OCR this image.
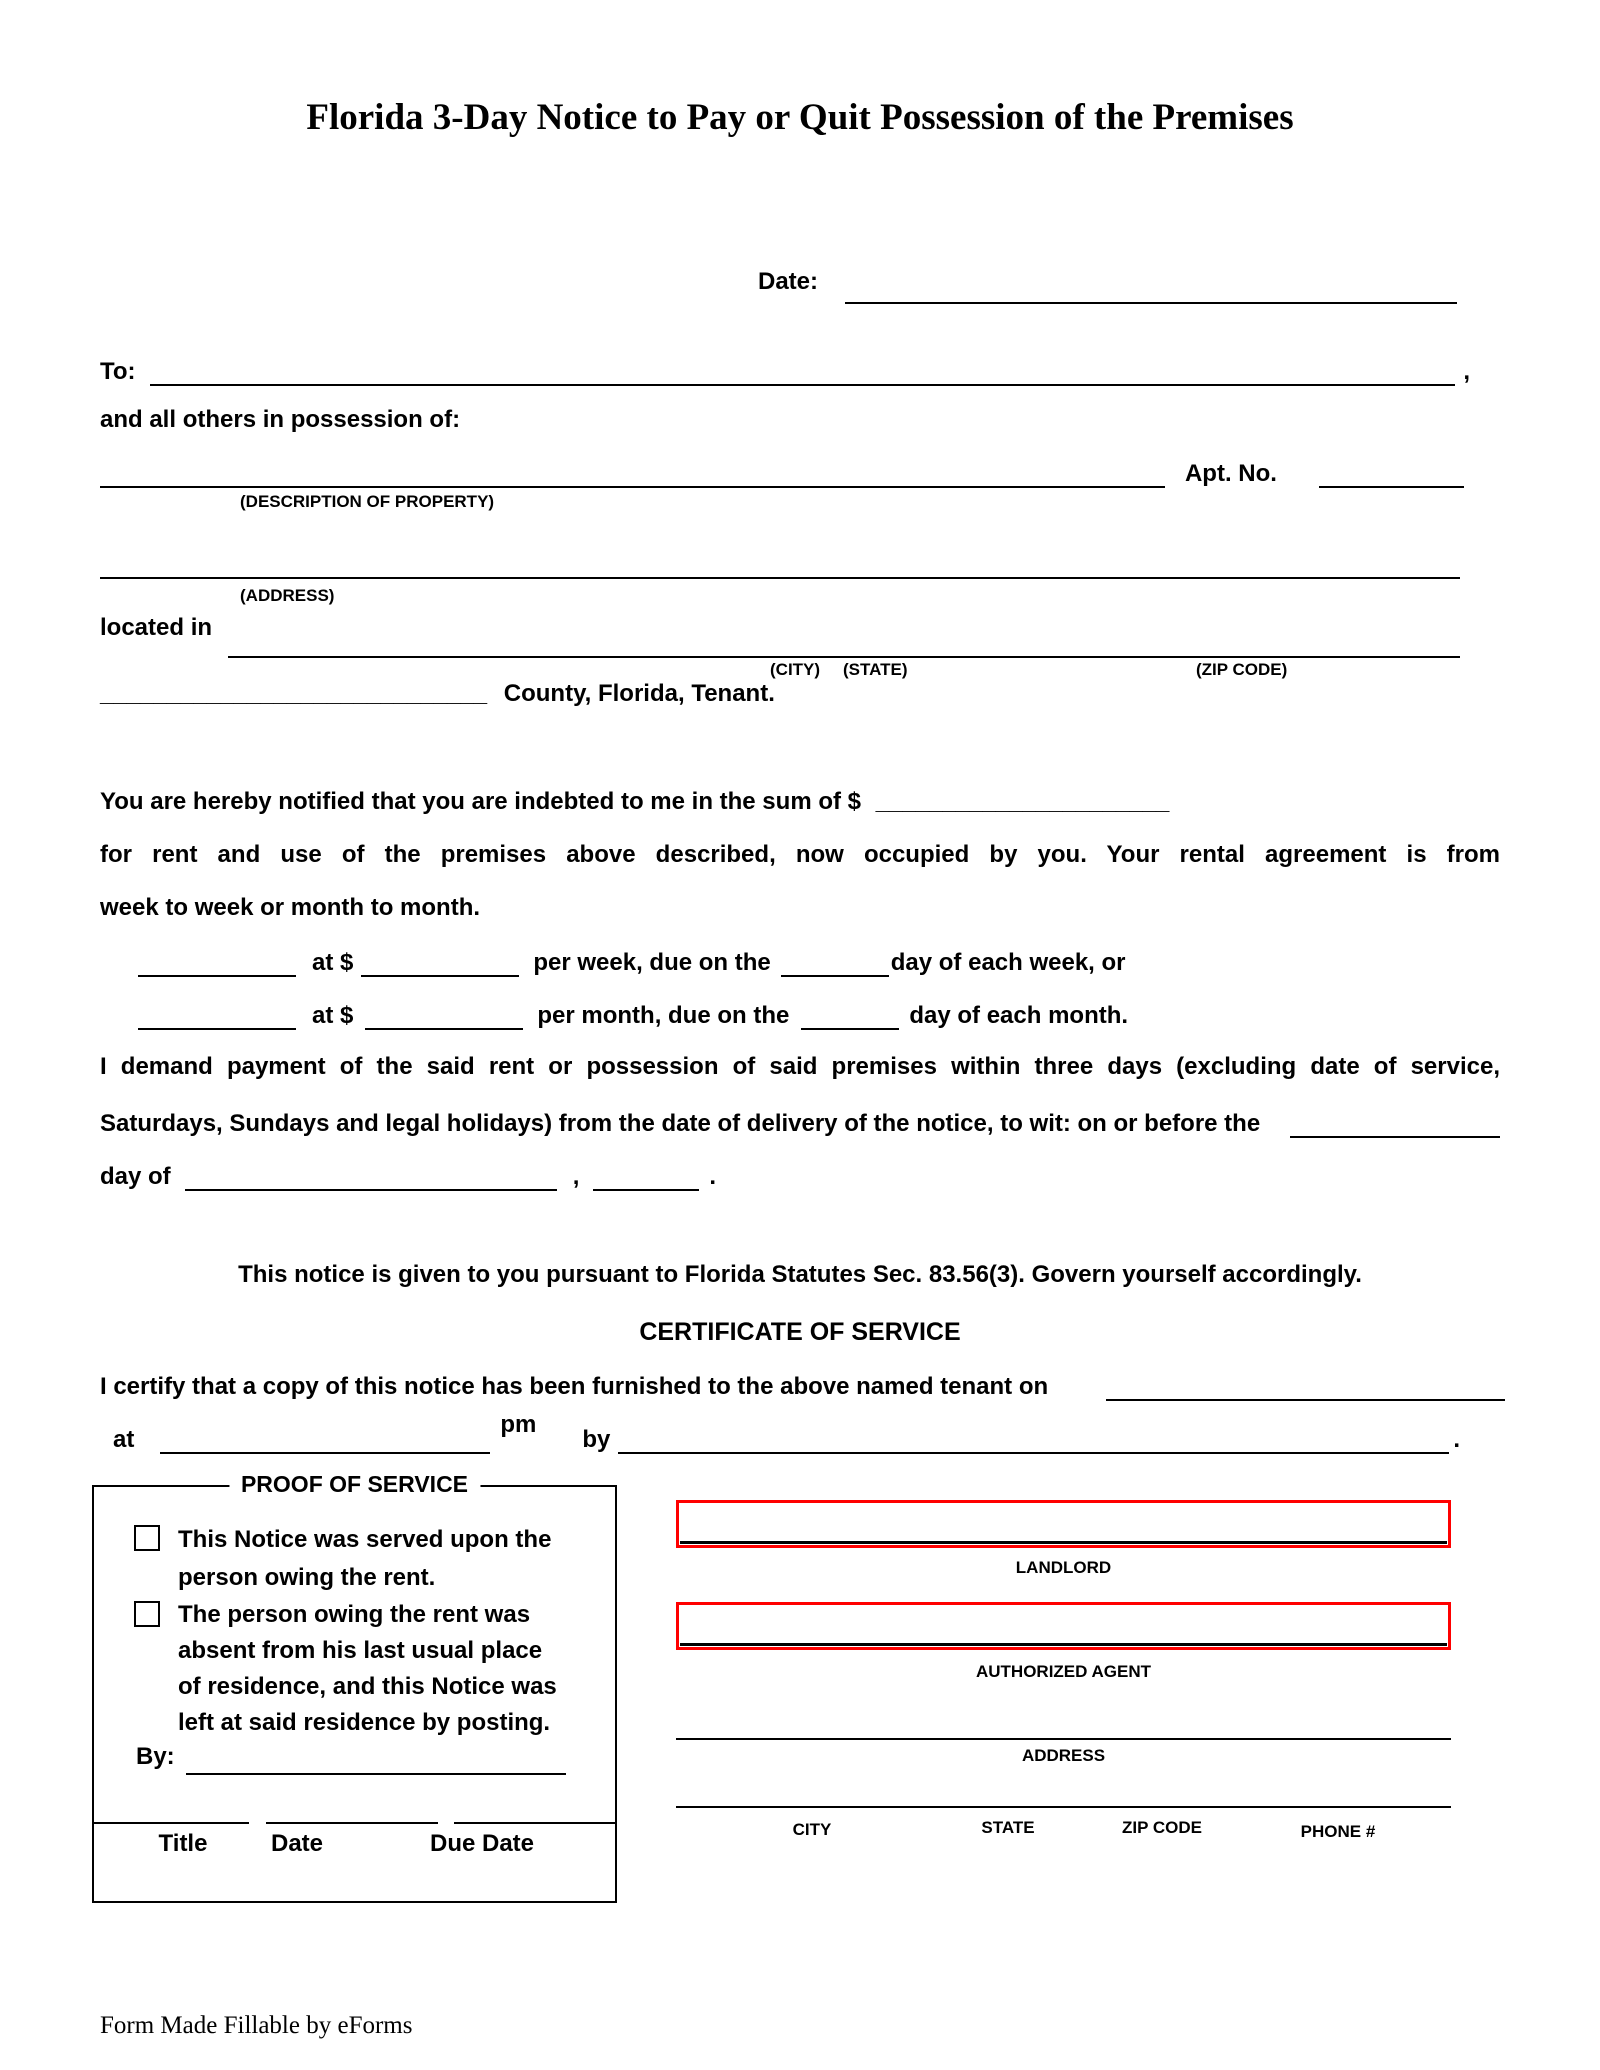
Florida 3-Day Notice to Pay or Quit Possession of the Premises
Date:
To:	,
and all others in possession of:
Apt. No.
(DESCRIPTION OF PROPERTY)
(ADDRESS)
located in
(CITY) (STATE)	(ZIP CODE)
_____________________________ County, Florida, Tenant.
You are hereby notified that you are indebted to me in the sum of $ ______________________
for rent and use of the premises above described, now occupied by you. Your rental agreement is from
week to week or month to month.
at $	per week, due on the	day of each week, or
at $	per month, due on the	day of each month.
I demand payment of the said rent or possession of said premises within three days (excluding date of service,
Saturdays, Sundays and legal holidays) from the date of delivery of the notice, to wit: on or before the
day of	,	.
This notice is given to you pursuant to Florida Statutes Sec. 83.56(3). Govern yourself accordingly.
CERTIFICATE OF SERVICE
I certify that a copy of this notice has been furnished to the above named tenant on
at
pm
by	.
PROOF OF SERVICE
This Notice was served upon the
person owing the rent.
The person owing the rent was
absent from his last usual place
of residence, and this Notice was
left at said residence by posting.
By:
Title	Date	Due Date
LANDLORD
AUTHORIZED AGENT
ADDRESS
CITY	STATE	ZIP CODE	PHONE #
Form Made Fillable by eForms
